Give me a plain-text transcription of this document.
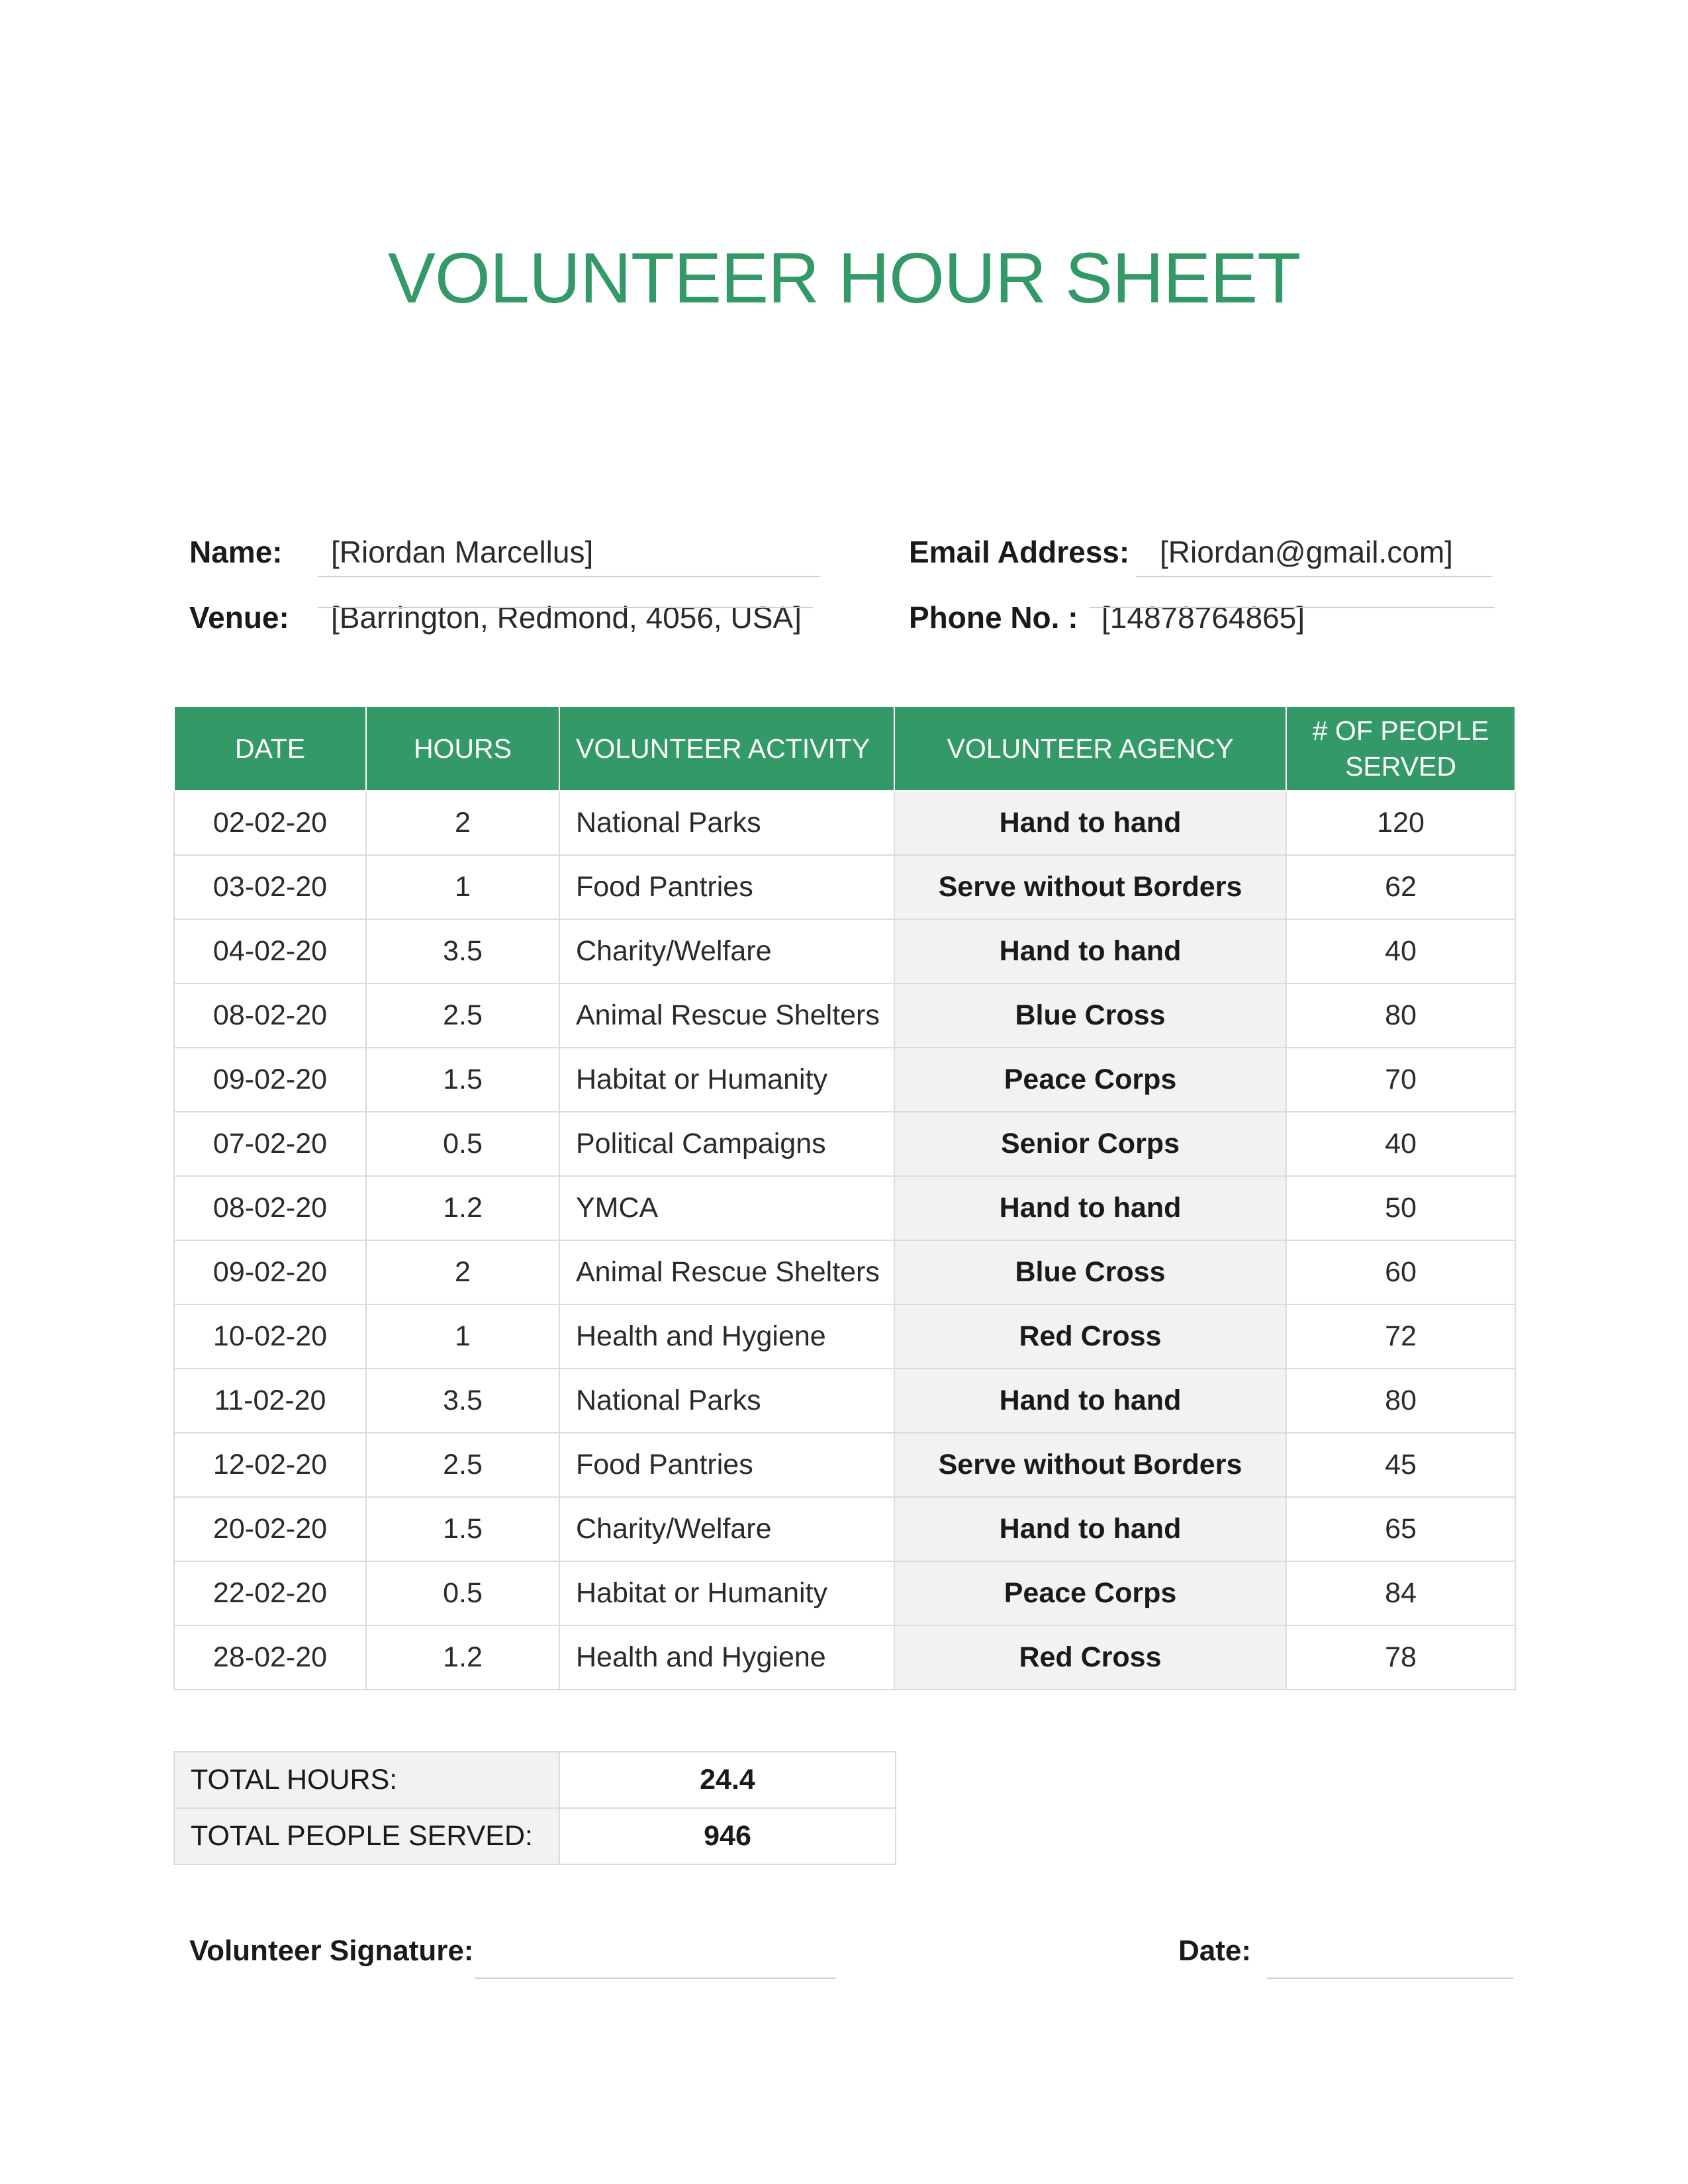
VOLUNTEER HOUR SHEET
Name: [Riordan Marcellus]
Venue: [Barrington, Redmond, 4056, USA]
Email Address: [Riordan@gmail.com]
Phone No. : [14878764865]
DATE	HOURS	VOLUNTEER ACTIVITY	VOLUNTEER AGENCY	# OF PEOPLE SERVED
02-02-20	2	National Parks	Hand to hand	120
03-02-20	1	Food Pantries	Serve without Borders	62
04-02-20	3.5	Charity/Welfare	Hand to hand	40
08-02-20	2.5	Animal Rescue Shelters	Blue Cross	80
09-02-20	1.5	Habitat or Humanity	Peace Corps	70
07-02-20	0.5	Political Campaigns	Senior Corps	40
08-02-20	1.2	YMCA	Hand to hand	50
09-02-20	2	Animal Rescue Shelters	Blue Cross	60
10-02-20	1	Health and Hygiene	Red Cross	72
11-02-20	3.5	National Parks	Hand to hand	80
12-02-20	2.5	Food Pantries	Serve without Borders	45
20-02-20	1.5	Charity/Welfare	Hand to hand	65
22-02-20	0.5	Habitat or Humanity	Peace Corps	84
28-02-20	1.2	Health and Hygiene	Red Cross	78
TOTAL HOURS:	24.4
TOTAL PEOPLE SERVED:	946
Volunteer Signature:	Date:
